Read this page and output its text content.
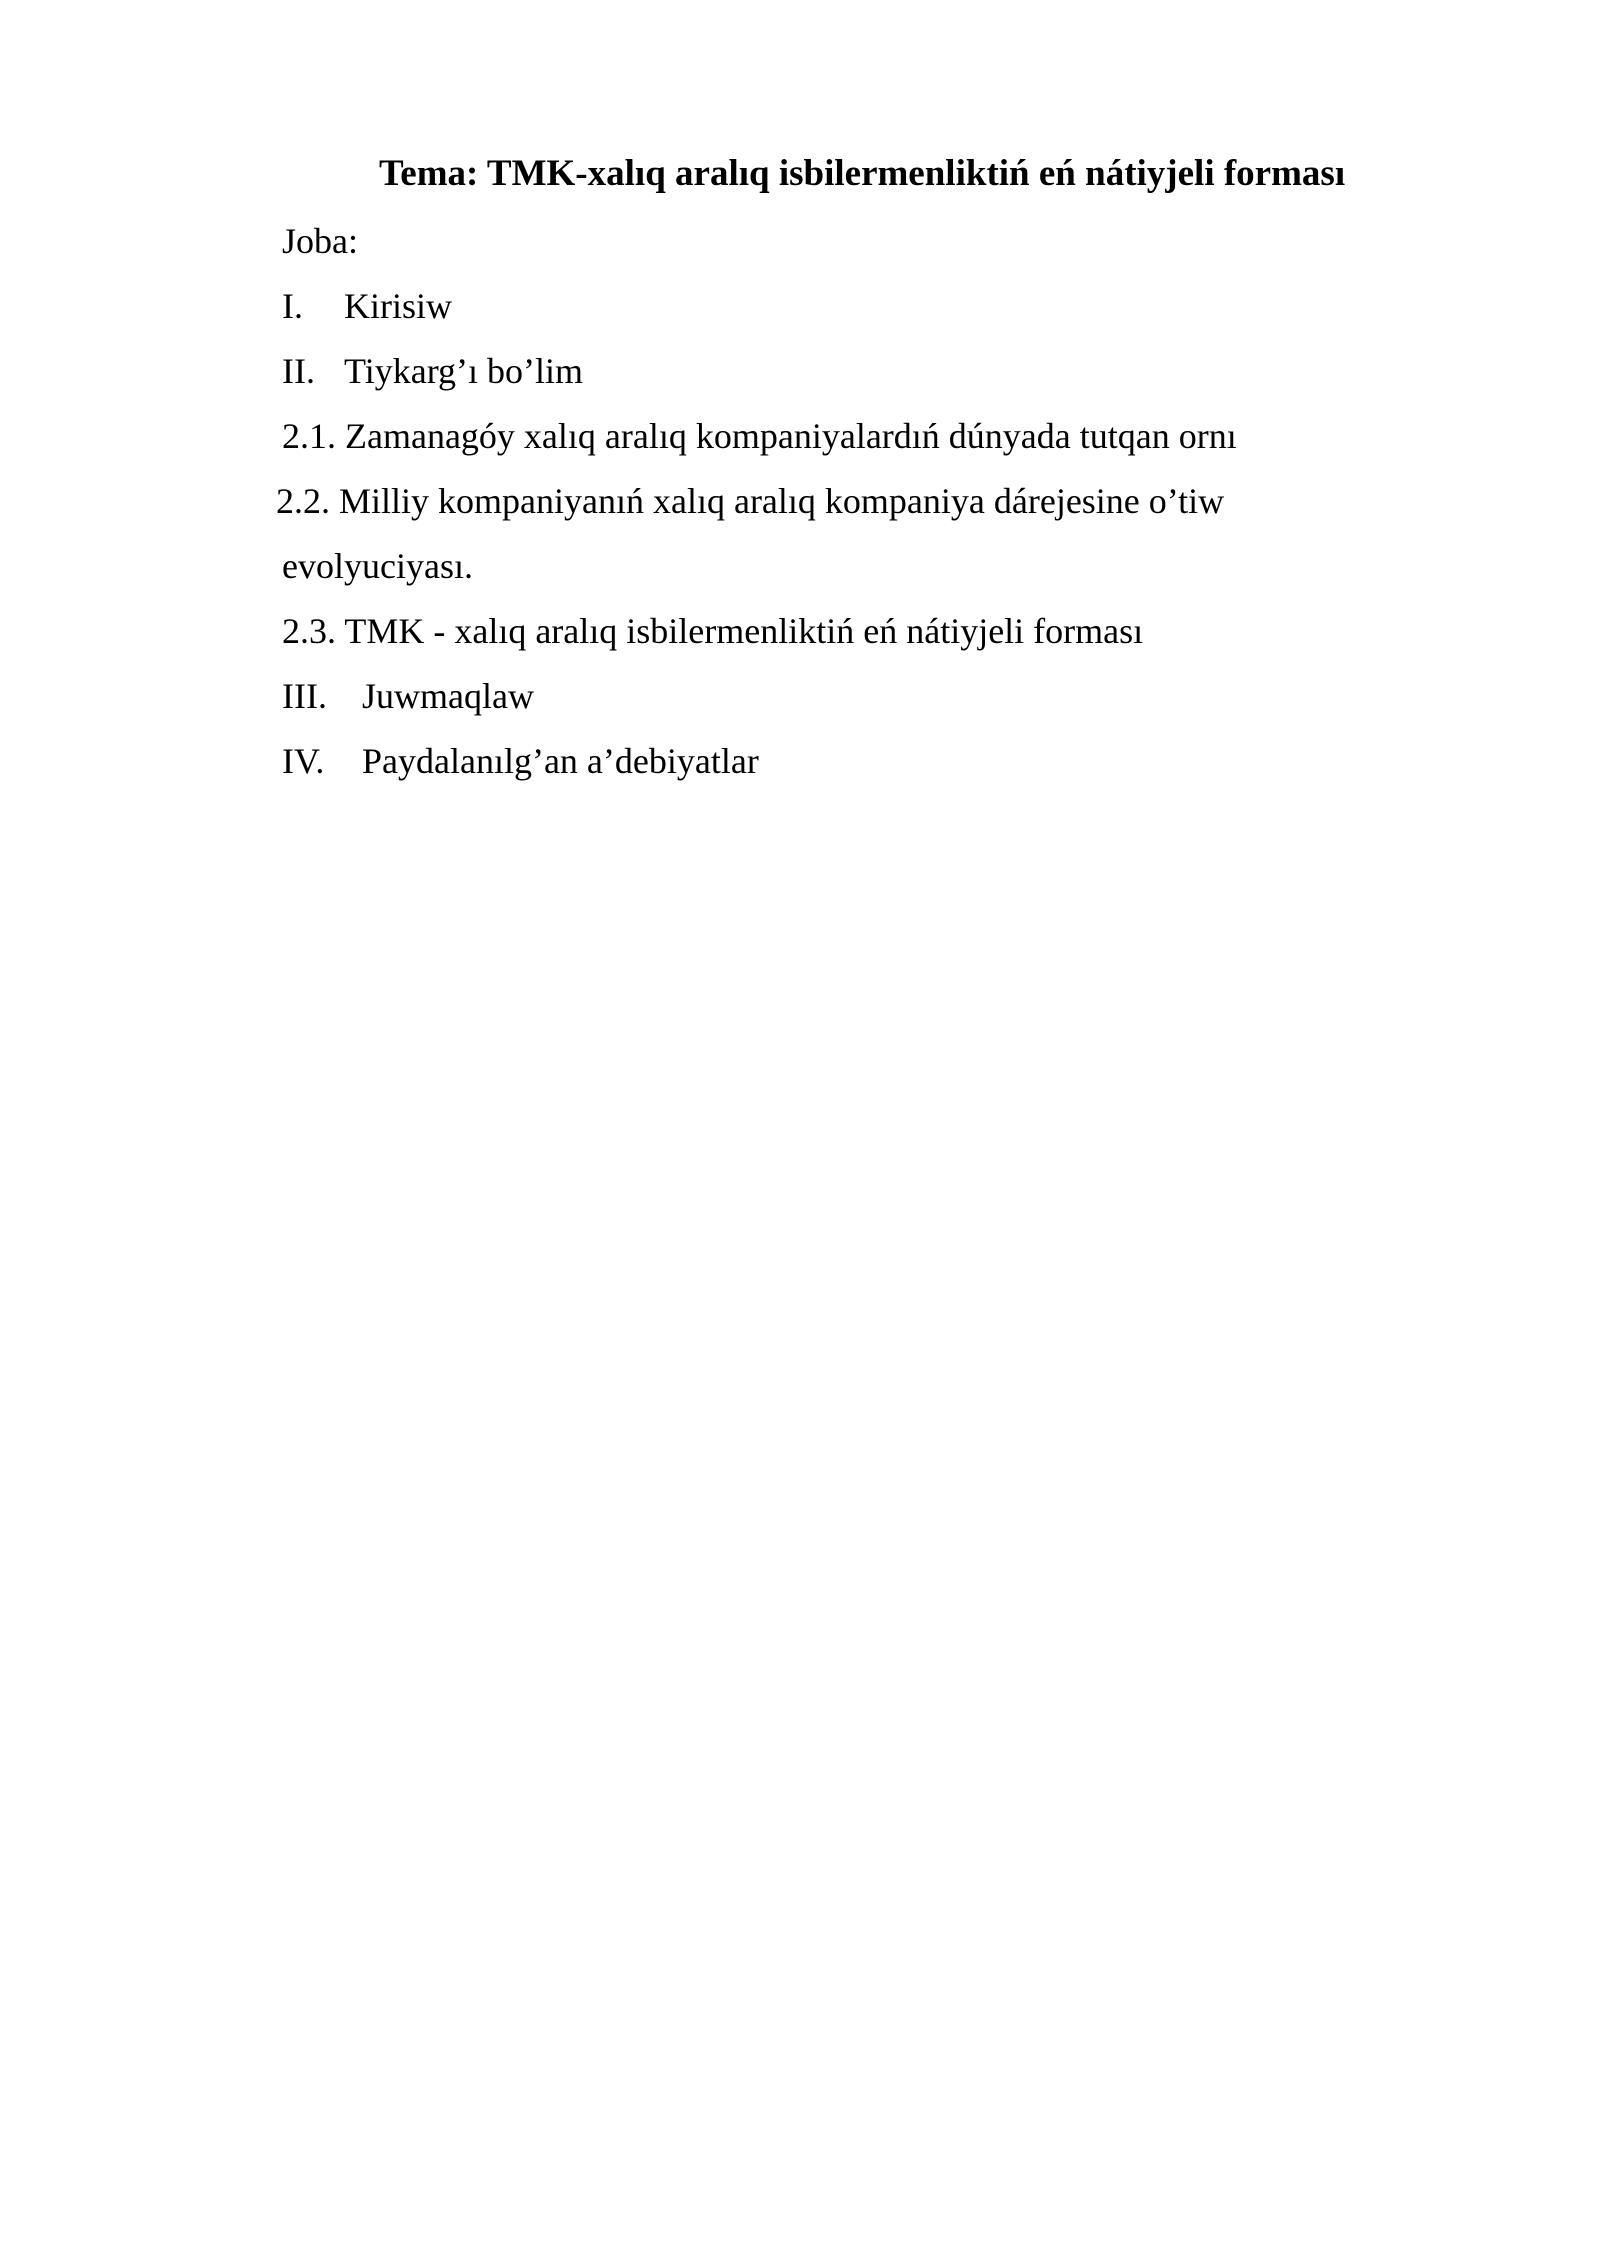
Tema: TMK-xalıq aralıq isbilermenliktiń eń nátiyjeli forması
Joba:
I. Kirisiw
II. Tiykarg’ı bo’lim
2.1. Zamanagóy xalıq aralıq kompaniyalardıń dúnyada tutqan ornı
2.2. Milliy kompaniyanıń xalıq aralıq kompaniya dárejesine o’tiw
evolyuciyası.
2.3. TMK - xalıq aralıq isbilermenliktiń eń nátiyjeli forması
III. Juwmaqlaw
IV. Paydalanılg’an a’debiyatlar
